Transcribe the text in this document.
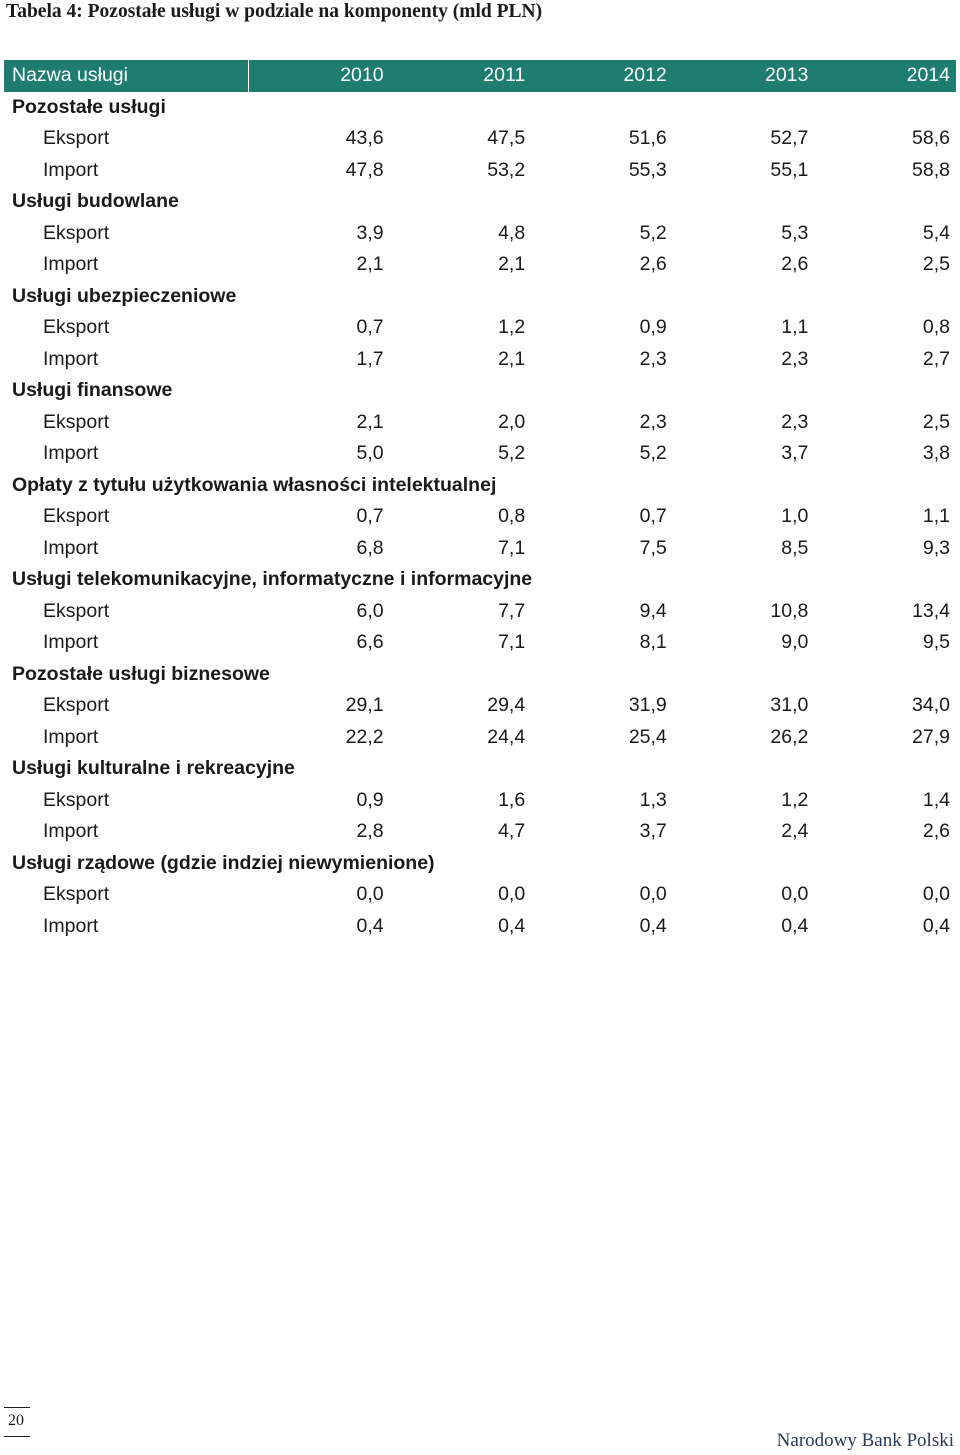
Tabela 4: Pozostałe usługi w podziale na komponenty (mld PLN)
Nazwa usługi	2010	2011	2012	2013	2014
Pozostałe usługi					
Eksport	43,6	47,5	51,6	52,7	58,6
Import	47,8	53,2	55,3	55,1	58,8
Usługi budowlane					
Eksport	3,9	4,8	5,2	5,3	5,4
Import	2,1	2,1	2,6	2,6	2,5
Usługi ubezpieczeniowe					
Eksport	0,7	1,2	0,9	1,1	0,8
Import	1,7	2,1	2,3	2,3	2,7
Usługi finansowe					
Eksport	2,1	2,0	2,3	2,3	2,5
Import	5,0	5,2	5,2	3,7	3,8
Opłaty z tytułu użytkowania własności intelektualnej					
Eksport	0,7	0,8	0,7	1,0	1,1
Import	6,8	7,1	7,5	8,5	9,3
Usługi telekomunikacyjne, informatyczne i informacyjne					
Eksport	6,0	7,7	9,4	10,8	13,4
Import	6,6	7,1	8,1	9,0	9,5
Pozostałe usługi biznesowe					
Eksport	29,1	29,4	31,9	31,0	34,0
Import	22,2	24,4	25,4	26,2	27,9
Usługi kulturalne i rekreacyjne					
Eksport	0,9	1,6	1,3	1,2	1,4
Import	2,8	4,7	3,7	2,4	2,6
Usługi rządowe (gdzie indziej niewymienione)					
Eksport	0,0	0,0	0,0	0,0	0,0
Import	0,4	0,4	0,4	0,4	0,4
20
Narodowy Bank Polski
